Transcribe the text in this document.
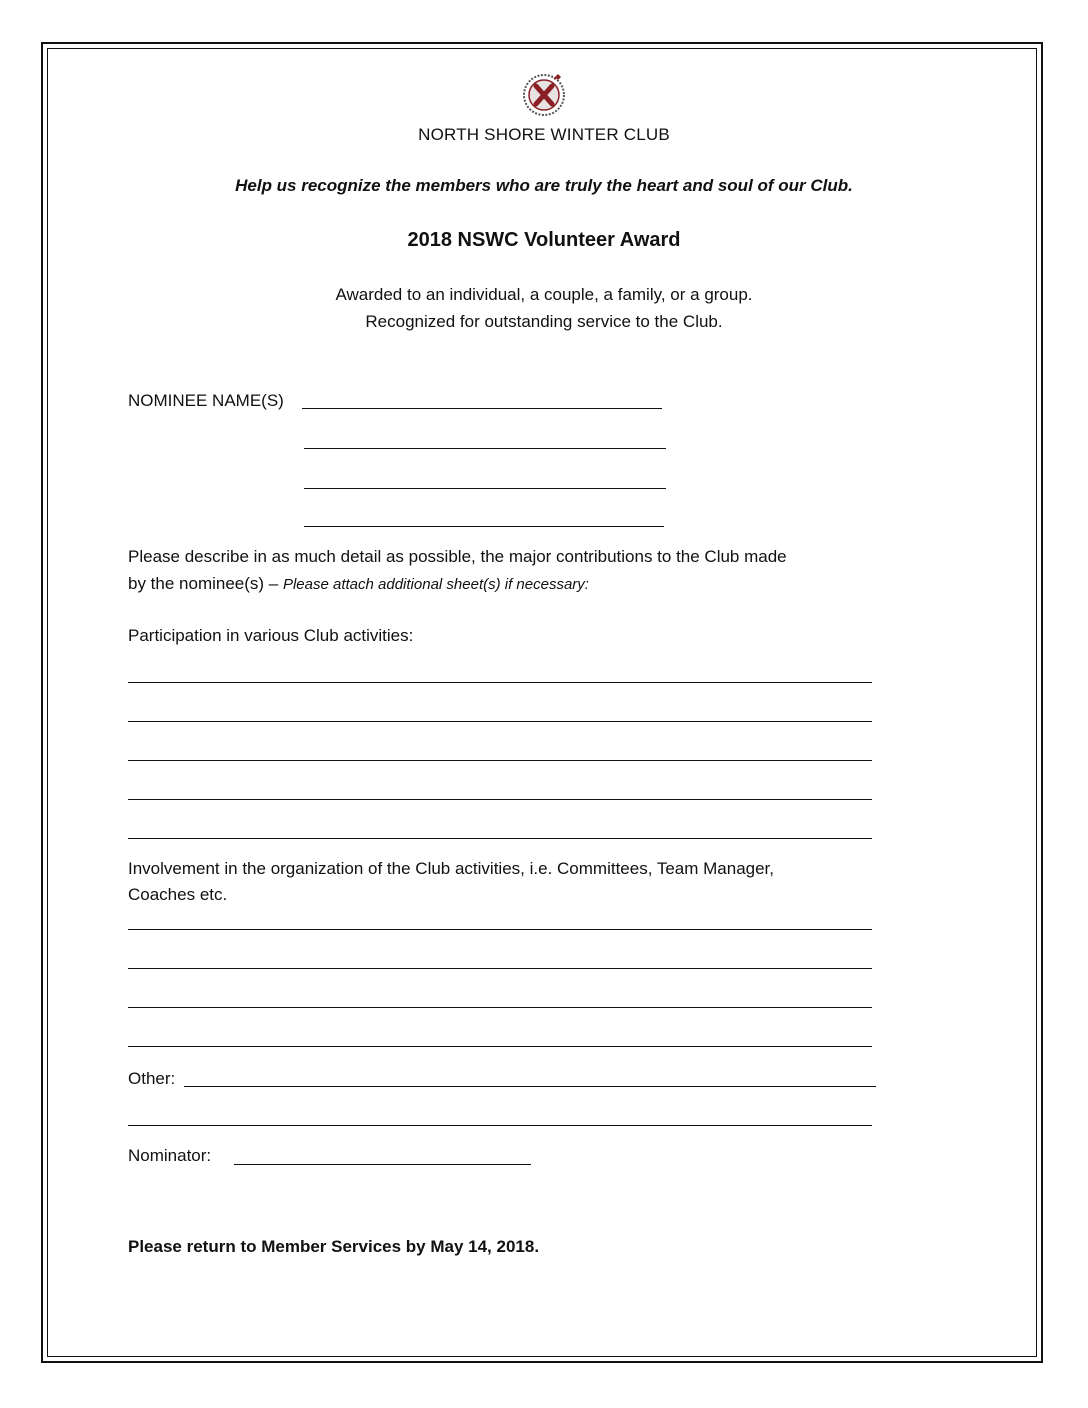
NORTH SHORE WINTER CLUB
Help us recognize the members who are truly the heart and soul of our Club.
2018 NSWC Volunteer Award
Awarded to an individual, a couple, a family, or a group.
Recognized for outstanding service to the Club.
NOMINEE NAME(S)
Please describe in as much detail as possible, the major contributions to the Club made
by the nominee(s) – Please attach additional sheet(s) if necessary:
Participation in various Club activities:
Involvement in the organization of the Club activities, i.e. Committees, Team Manager,
Coaches etc.
Other:
Nominator:
Please return to Member Services by May 14, 2018.
